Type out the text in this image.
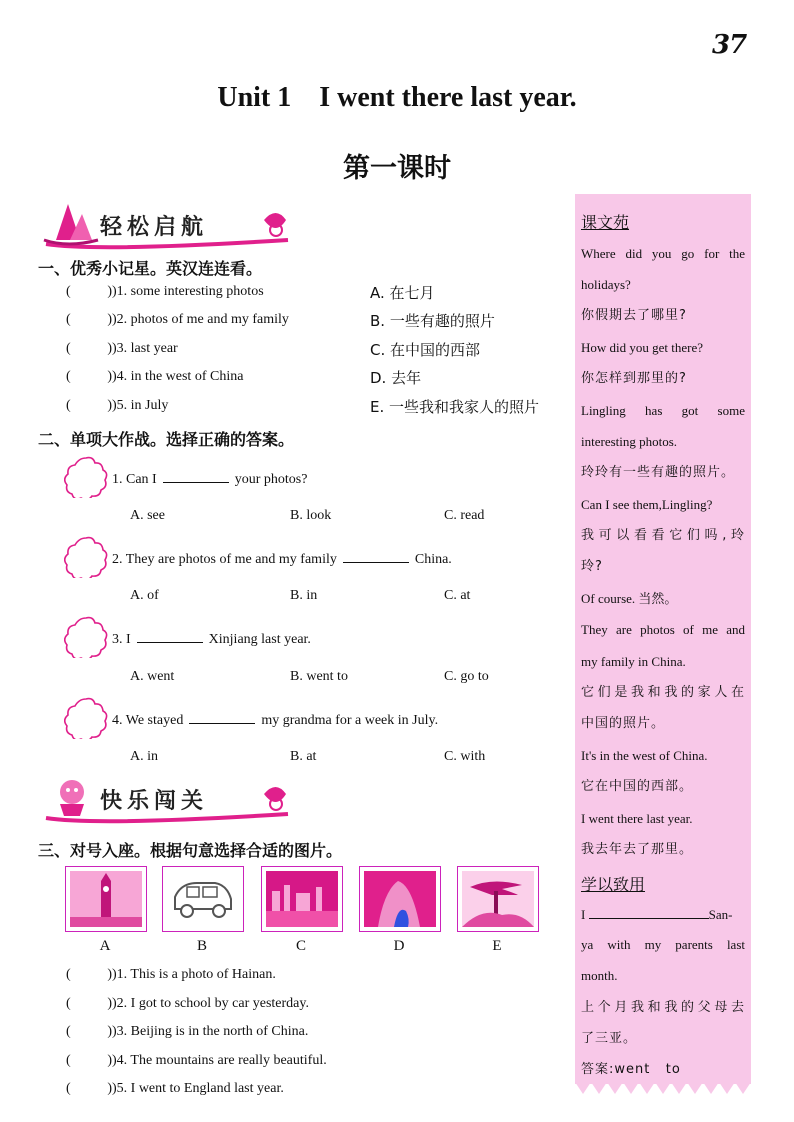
37
Unit 1    I went there last year.
第一课时
轻松启航
一、优秀小记星。英汉连连看。
)1. some interesting photos	A. 在七月
)2. photos of me and my family	B. 一些有趣的照片
)3. last year	C. 在中国的西部
)4. in the west of China	D. 去年
)5. in July	E. 一些我和我家人的照片
二、单项大作战。选择正确的答案。
1. Can I	your photos?
A. see	B. look	C. read
2. They are photos of me and my family	China.
A. of	B. in	C. at
3. I	Xinjiang last year.
A. went	B. went to	C. go to
4. We stayed	my grandma for a week in July.
A. in	B. at	C. with
快乐闯关
三、对号入座。根据句意选择合适的图片。
A	B	C	D	E
)1. This is a photo of Hainan.
)2. I got to school by car yesterday.
)3. Beijing is in the north of China.
)4. The mountains are really beautiful.
)5. I went to England last year.
课文苑
Where did you go for the
holidays?
你假期去了哪里?
How did you get there?
你怎样到那里的?
Lingling has got some
interesting photos.
玲玲有一些有趣的照片。
Can I see them,Lingling?
我可以看看它们吗,玲
玲?
Of course. 当然。
They are photos of me and
my family in China.
它们是我和我的家人在
中国的照片。
It's in the west of China.
它在中国的西部。
I went there last year.
我去年去了那里。
学以致用
I	San-
ya with my parents last
month.
上个月我和我的父母去
了三亚。
答案:went   to
